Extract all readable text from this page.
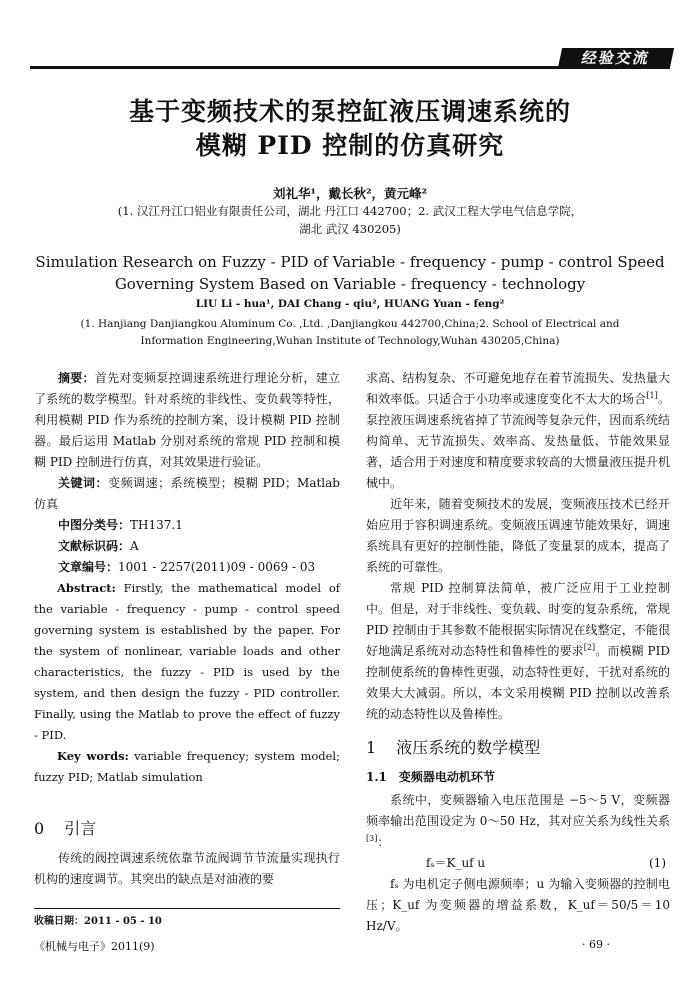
经验交流
基于变频技术的泵控缸液压调速系统的
模糊 PID 控制的仿真研究
刘礼华¹，戴长秋²，黄元峰²
(1. 汉江丹江口铝业有限责任公司，湖北 丹江口 442700；2. 武汉工程大学电气信息学院，
湖北 武汉 430205)
Simulation Research on Fuzzy - PID of Variable - frequency - pump - control Speed
Governing System Based on Variable - frequency - technology
LIU Li - hua¹, DAI Chang - qiu², HUANG Yuan - feng²
(1. Hanjiang Danjiangkou Aluminum Co. ,Ltd. ,Danjiangkou 442700,China;2. School of Electrical and
Information Engineering,Wuhan Institute of Technology,Wuhan 430205,China)

摘要：首先对变频泵控调速系统进行理论分析，建立了系统的数学模型。针对系统的非线性、变负载等特性，利用模糊 PID 作为系统的控制方案，设计模糊 PID 控制器。最后运用 Matlab 分别对系统的常规 PID 控制和模糊 PID 控制进行仿真，对其效果进行验证。

关键词：变频调速；系统模型；模糊 PID；Matlab 仿真

中图分类号：TH137.1

文献标识码：A

文章编号：1001 - 2257(2011)09 - 0069 - 03

Abstract: Firstly, the mathematical model of the variable - frequency - pump - control speed governing system is established by the paper. For the system of nonlinear, variable loads and other characteristics, the fuzzy - PID is used by the system, and then design the fuzzy - PID controller. Finally, using the Matlab to prove the effect of fuzzy - PID.

Key words: variable frequency; system model; fuzzy PID; Matlab simulation

0 引言

传统的阀控调速系统依靠节流阀调节节流量实现执行机构的速度调节。其突出的缺点是对油液的要

收稿日期：2011 - 05 - 10
《机械与电子》2011(9)

求高、结构复杂、不可避免地存在着节流损失、发热量大和效率低。只适合于小功率或速度变化不太大的场合[1]。泵控液压调速系统省掉了节流阀等复杂元件，因而系统结构简单、无节流损失、效率高、发热量低、节能效果显著，适合用于对速度和精度要求较高的大惯量液压提升机械中。

近年来，随着变频技术的发展，变频液压技术已经开始应用于容积调速系统。变频液压调速节能效果好，调速系统具有更好的控制性能，降低了变量泵的成本，提高了系统的可靠性。

常规 PID 控制算法简单，被广泛应用于工业控制中。但是，对于非线性、变负载、时变的复杂系统，常规 PID 控制由于其参数不能根据实际情况在线整定，不能很好地满足系统对动态特性和鲁棒性的要求[2]。而模糊 PID 控制使系统的鲁棒性更强，动态特性更好，干扰对系统的效果大大减弱。所以，本文采用模糊 PID 控制以改善系统的动态特性以及鲁棒性。

1 液压系统的数学模型
1.1 变频器电动机环节

系统中，变频器输入电压范围是 −5～5 V，变频器频率输出范围设定为 0～50 Hz，其对应关系为线性关系[3]：

fₛ＝K_uf u	(1)

fₛ 为电机定子侧电源频率；u 为输入变频器的控制电压；K_uf 为变频器的增益系数，K_uf＝50/5＝10 Hz/V。

· 69 ·
